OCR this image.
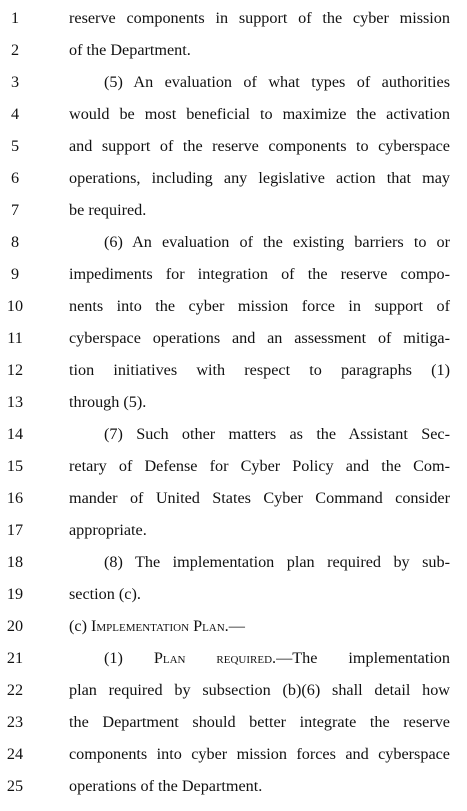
1	reserve components in support of the cyber mission
2	of the Department.
3	(5) An evaluation of what types of authorities
4	would be most beneficial to maximize the activation
5	and support of the reserve components to cyberspace
6	operations, including any legislative action that may
7	be required.
8	(6) An evaluation of the existing barriers to or
9	impediments for integration of the reserve compo-
10	nents into the cyber mission force in support of
11	cyberspace operations and an assessment of mitiga-
12	tion initiatives with respect to paragraphs (1)
13	through (5).
14	(7) Such other matters as the Assistant Sec-
15	retary of Defense for Cyber Policy and the Com-
16	mander of United States Cyber Command consider
17	appropriate.
18	(8) The implementation plan required by sub-
19	section (c).
20	(c) Implementation Plan.—
21	(1) Plan required.—The implementation
22	plan required by subsection (b)(6) shall detail how
23	the Department should better integrate the reserve
24	components into cyber mission forces and cyberspace
25	operations of the Department.
